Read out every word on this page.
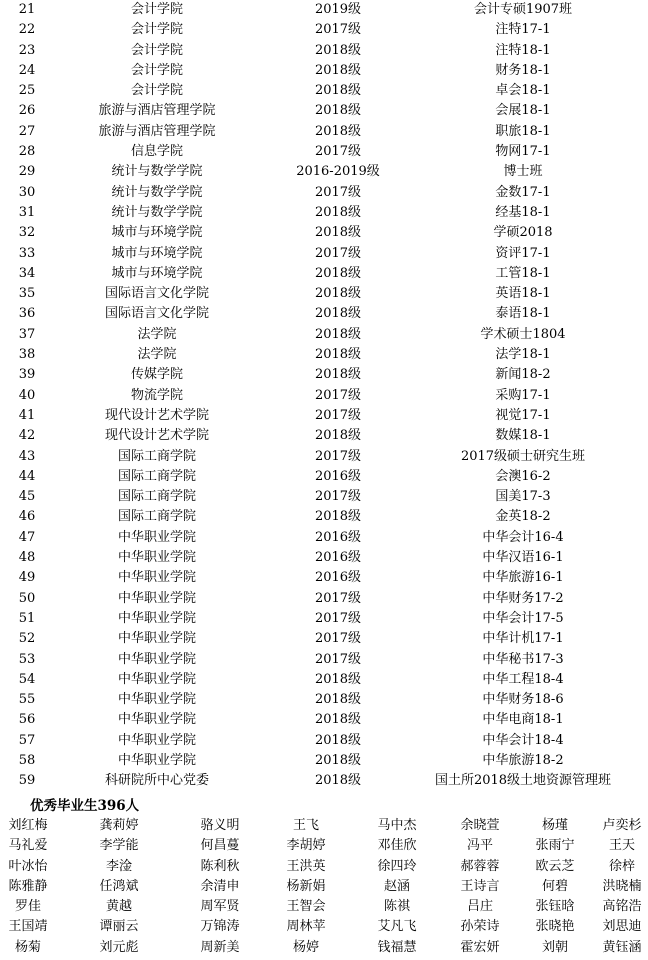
21	会计学院	2019级	会计专硕1907班
22	会计学院	2017级	注特17-1
23	会计学院	2018级	注特18-1
24	会计学院	2018级	财务18-1
25	会计学院	2018级	卓会18-1
26	旅游与酒店管理学院	2018级	会展18-1
27	旅游与酒店管理学院	2018级	职旅18-1
28	信息学院	2017级	物网17-1
29	统计与数学学院	2016-2019级	博士班
30	统计与数学学院	2017级	金数17-1
31	统计与数学学院	2018级	经基18-1
32	城市与环境学院	2018级	学硕2018
33	城市与环境学院	2017级	资评17-1
34	城市与环境学院	2018级	工管18-1
35	国际语言文化学院	2018级	英语18-1
36	国际语言文化学院	2018级	泰语18-1
37	法学院	2018级	学术硕士1804
38	法学院	2018级	法学18-1
39	传媒学院	2018级	新闻18-2
40	物流学院	2017级	采购17-1
41	现代设计艺术学院	2017级	视觉17-1
42	现代设计艺术学院	2018级	数媒18-1
43	国际工商学院	2017级	2017级硕士研究生班
44	国际工商学院	2016级	会澳16-2
45	国际工商学院	2017级	国美17-3
46	国际工商学院	2018级	金英18-2
47	中华职业学院	2016级	中华会计16-4
48	中华职业学院	2016级	中华汉语16-1
49	中华职业学院	2016级	中华旅游16-1
50	中华职业学院	2017级	中华财务17-2
51	中华职业学院	2017级	中华会计17-5
52	中华职业学院	2017级	中华计机17-1
53	中华职业学院	2017级	中华秘书17-3
54	中华职业学院	2018级	中华工程18-4
55	中华职业学院	2018级	中华财务18-6
56	中华职业学院	2018级	中华电商18-1
57	中华职业学院	2018级	中华会计18-4
58	中华职业学院	2018级	中华旅游18-2
59	科研院所中心党委	2018级	国土所2018级土地资源管理班
优秀毕业生396人
刘红梅	龚莉婷	骆义明	王飞	马中杰	余晓萱	杨瑾	卢奕杉
马礼爱	李学能	何昌蔓	李胡婷	邓佳欣	冯平	张雨宁	王天
叶冰怡	李淦	陈利秋	王洪英	徐四玲	郝蓉蓉	欧云芝	徐梓
陈雅静	任鸿斌	余清申	杨新娟	赵涵	王诗言	何碧	洪晓楠
罗佳	黄越	周军贤	王智会	陈祺	吕庄	张钰晗	高铭浩
王国靖	谭丽云	万锦涛	周林苹	艾凡飞	孙荣诗	张晓艳	刘思迪
杨菊	刘元彪	周新美	杨婷	钱福慧	霍宏妍	刘朝	黄钰涵
